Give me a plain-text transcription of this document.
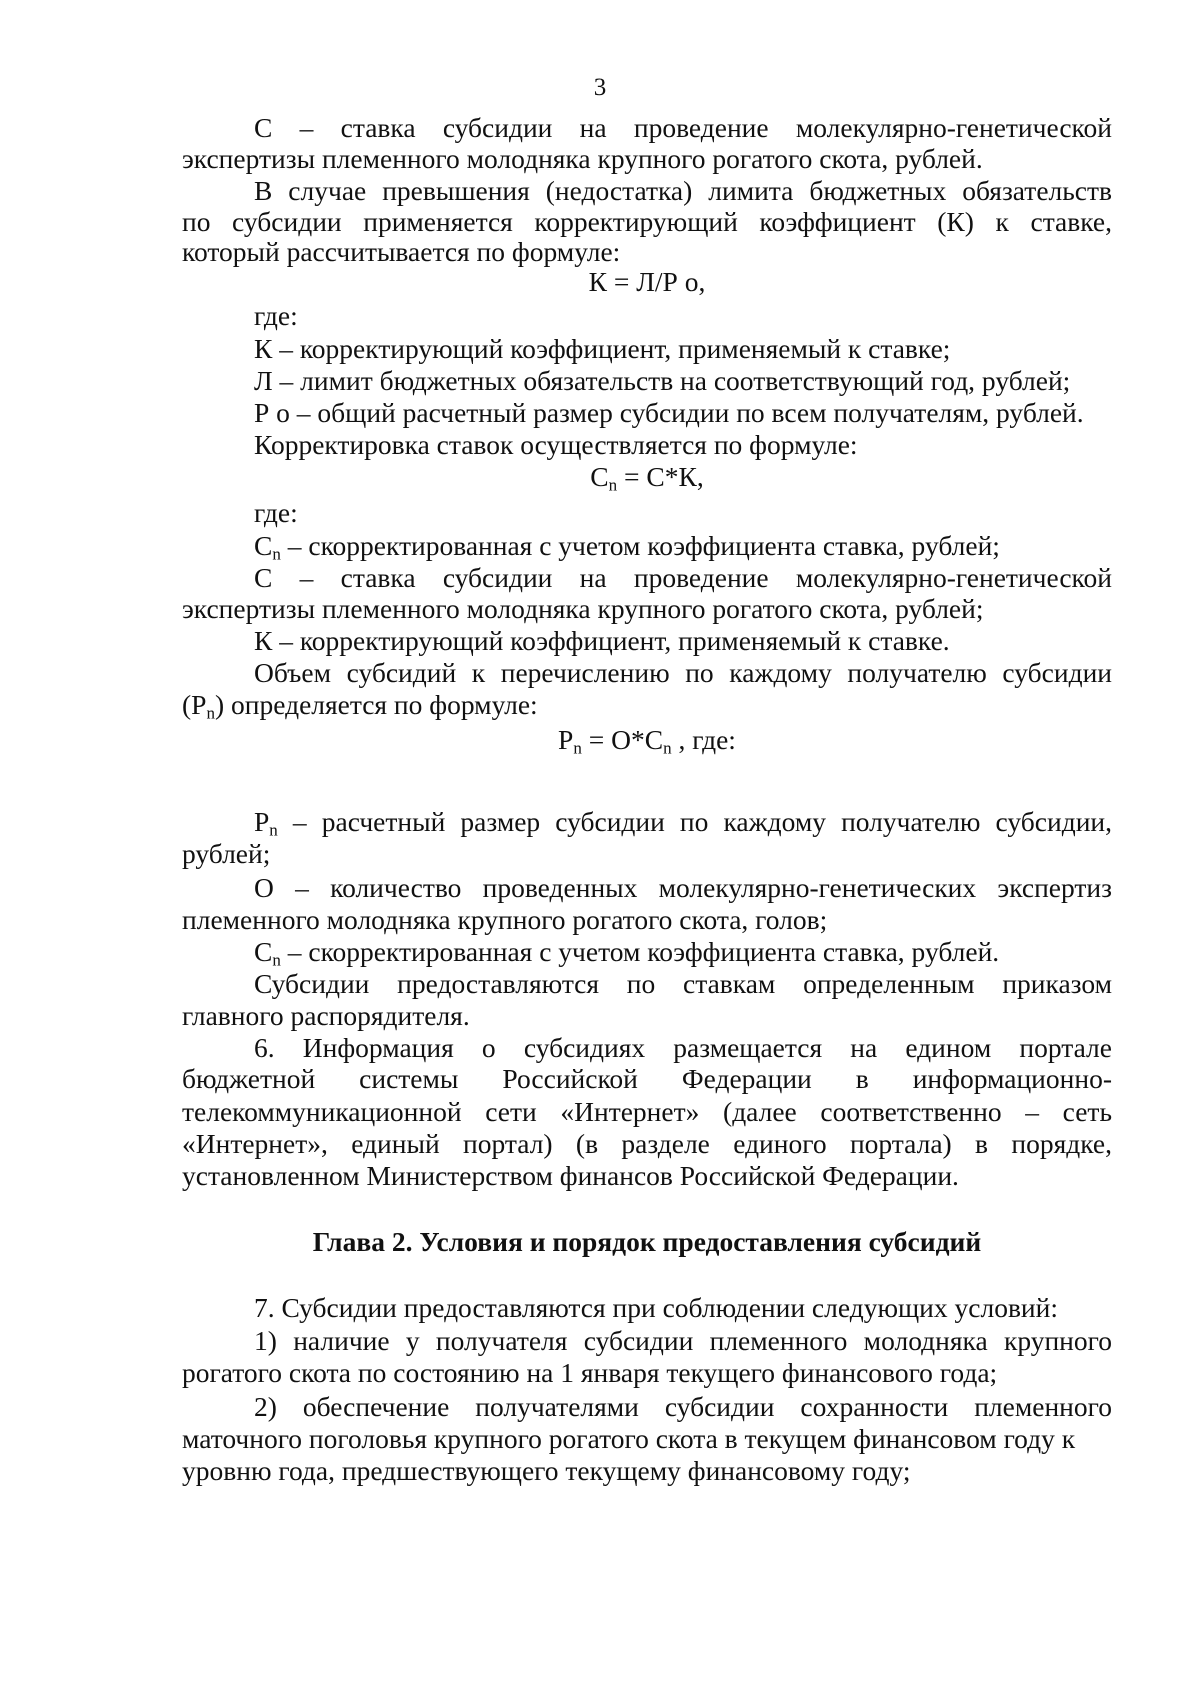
3
С – ставка субсидии на проведение молекулярно-генетической
экспертизы племенного молодняка крупного рогатого скота, рублей.
В случае превышения (недостатка) лимита бюджетных обязательств
по субсидии применяется корректирующий коэффициент (К) к ставке,
который рассчитывается по формуле:
К = Л/Р о,
где:
К – корректирующий коэффициент, применяемый к ставке;
Л – лимит бюджетных обязательств на соответствующий год, рублей;
Р о – общий расчетный размер субсидии по всем получателям, рублей.
Корректировка ставок осуществляется по формуле:
$С_n = С*К$,
где:
$С_n$ – скорректированная с учетом коэффициента ставка, рублей;
С – ставка субсидии на проведение молекулярно-генетической
экспертизы племенного молодняка крупного рогатого скота, рублей;
К – корректирующий коэффициент, применяемый к ставке.
Объем субсидий к перечислению по каждому получателю субсидии
$(Р_n)$ определяется по формуле:
$Р_n = О*С_n$ , где:
$Р_n$ – расчетный размер субсидии по каждому получателю субсидии,
рублей;
О – количество проведенных молекулярно-генетических экспертиз
племенного молодняка крупного рогатого скота, голов;
$С_n$ – скорректированная с учетом коэффициента ставка, рублей.
Субсидии предоставляются по ставкам определенным приказом
главного распорядителя.
6. Информация о субсидиях размещается на едином портале
бюджетной системы Российской Федерации в информационно-
телекоммуникационной сети «Интернет» (далее соответственно – сеть
«Интернет», единый портал) (в разделе единого портала) в порядке,
установленном Министерством финансов Российской Федерации.
Глава 2. Условия и порядок предоставления субсидий
7. Субсидии предоставляются при соблюдении следующих условий:
1) наличие у получателя субсидии племенного молодняка крупного
рогатого скота по состоянию на 1 января текущего финансового года;
2) обеспечение получателями субсидии сохранности племенного
маточного поголовья крупного рогатого скота в текущем финансовом году к
уровню года, предшествующего текущему финансовому году;
